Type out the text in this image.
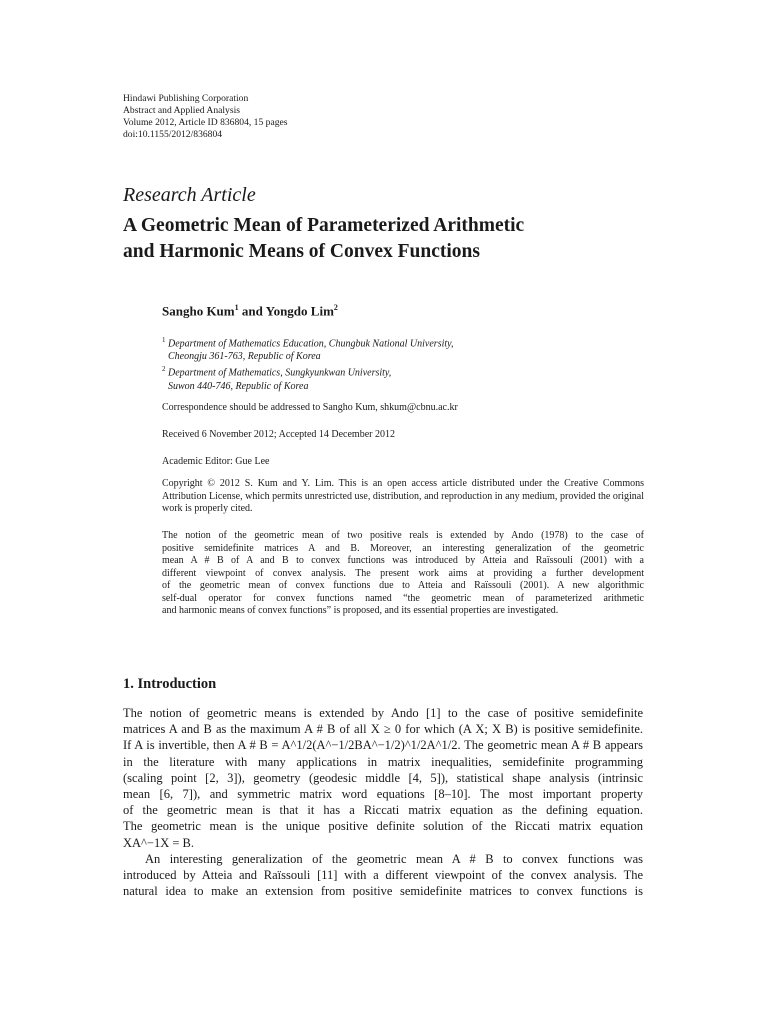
Hindawi Publishing Corporation
Abstract and Applied Analysis
Volume 2012, Article ID 836804, 15 pages
doi:10.1155/2012/836804
Research Article
A Geometric Mean of Parameterized Arithmetic
and Harmonic Means of Convex Functions
Sangho Kum$^1$ and Yongdo Lim$^2$
$^1$ Department of Mathematics Education, Chungbuk National University,
Cheongju 361-763, Republic of Korea
$^2$ Department of Mathematics, Sungkyunkwan University,
Suwon 440-746, Republic of Korea
Correspondence should be addressed to Sangho Kum, shkum@cbnu.ac.kr
Received 6 November 2012; Accepted 14 December 2012
Academic Editor: Gue Lee
Copyright © 2012 S. Kum and Y. Lim. This is an open access article distributed under the Creative Commons Attribution License, which permits unrestricted use, distribution, and reproduction in any medium, provided the original work is properly cited.
The notion of the geometric mean of two positive reals is extended by Ando (1978) to the case of
positive semidefinite matrices A and B. Moreover, an interesting generalization of the geometric
mean A # B of A and B to convex functions was introduced by Atteia and Raïssouli (2001) with a
different viewpoint of convex analysis. The present work aims at providing a further development
of the geometric mean of convex functions due to Atteia and Raïssouli (2001). A new algorithmic
self-dual operator for convex functions named “the geometric mean of parameterized arithmetic
and harmonic means of convex functions” is proposed, and its essential properties are investigated.
1. Introduction
The notion of geometric means is extended by Ando [1] to the case of positive semidefinite
matrices A and B as the maximum A # B of all X ≥ 0 for which (A X; X B) is positive semidefinite.
If A is invertible, then A # B = A^1/2(A^−1/2BA^−1/2)^1/2A^1/2. The geometric mean A # B appears
in the literature with many applications in matrix inequalities, semidefinite programming
(scaling point [2, 3]), geometry (geodesic middle [4, 5]), statistical shape analysis (intrinsic
mean [6, 7]), and symmetric matrix word equations [8–10]. The most important property
of the geometric mean is that it has a Riccati matrix equation as the defining equation.
The geometric mean is the unique positive definite solution of the Riccati matrix equation
XA^−1X = B.
An interesting generalization of the geometric mean A # B to convex functions was
introduced by Atteia and Raïssouli [11] with a different viewpoint of the convex analysis. The
natural idea to make an extension from positive semidefinite matrices to convex functions is
